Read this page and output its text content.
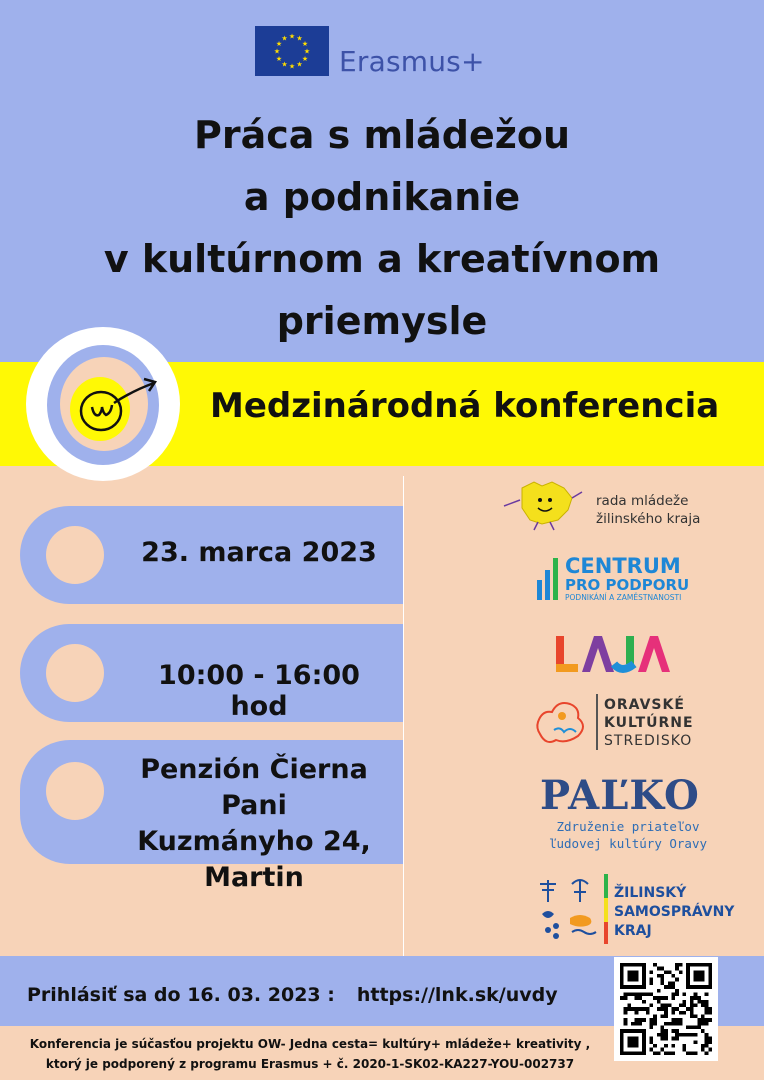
★
★
★
★
★
★
★
★
★ ★ ★
★
Erasmus+
Práca s mládežou
a podnikanie
v kultúrnom a kreatívnom
priemysle
Medzinárodná konferencia
23. marca 2023
10:00 - 16:00 hod
Penzión Čierna Pani
Kuzmányho 24,
Martin
rada mládeže
žilinského kraja
CENTRUM
PRO PODPORU
PODNIKÁNÍ A ZAMĚSTNANOSTI
ORAVSKÉ
KULTÚRNE
STREDISKO
PAĽKO
Združenie priateľov
ľudovej kultúry Oravy
ŽILINSKÝ
SAMOSPRÁVNY
KRAJ
Prihlásiť sa do 16. 03. 2023 : https://lnk.sk/uvdy
Konferencia je súčasťou projektu OW- Jedna cesta= kultúry+ mládeže+ kreativity ,
ktorý je podporený z programu Erasmus + č. 2020-1-SK02-KA227-YOU-002737
